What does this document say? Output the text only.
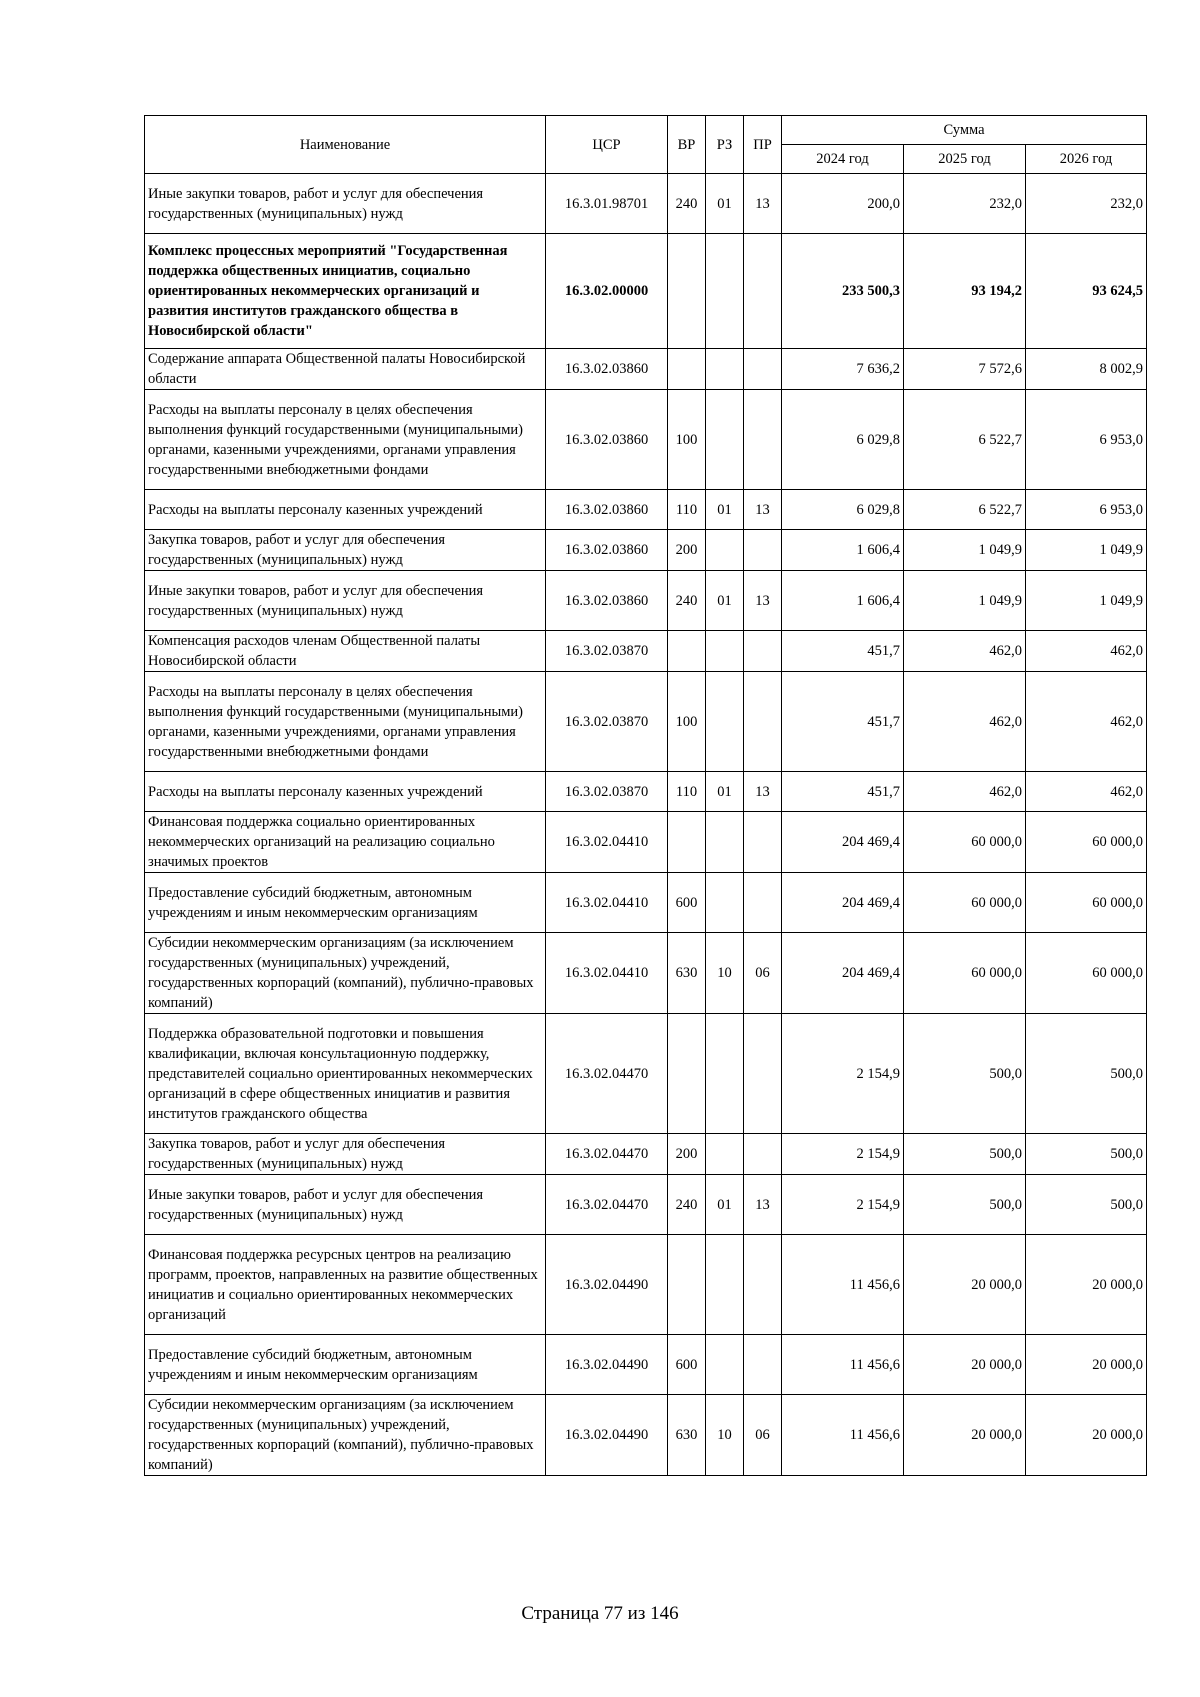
Наименование	ЦСР	ВР	РЗ	ПР	Сумма		
					2024 год	2025 год	2026 год
Иные закупки товаров, работ и услуг для обеспечения государственных (муниципальных) нужд	16.3.01.98701	240	01	13	200,0	232,0	232,0
Комплекс процессных мероприятий "Государственная поддержка общественных инициатив, социально ориентированных некоммерческих организаций и развития институтов гражданского общества в Новосибирской области"	16.3.02.00000				233 500,3	93 194,2	93 624,5
Содержание аппарата Общественной палаты Новосибирской области	16.3.02.03860				7 636,2	7 572,6	8 002,9
Расходы на выплаты персоналу в целях обеспечения выполнения функций государственными (муниципальными) органами, казенными учреждениями, органами управления государственными внебюджетными фондами	16.3.02.03860	100			6 029,8	6 522,7	6 953,0
Расходы на выплаты персоналу казенных учреждений	16.3.02.03860	110	01	13	6 029,8	6 522,7	6 953,0
Закупка товаров, работ и услуг для обеспечения государственных (муниципальных) нужд	16.3.02.03860	200			1 606,4	1 049,9	1 049,9
Иные закупки товаров, работ и услуг для обеспечения государственных (муниципальных) нужд	16.3.02.03860	240	01	13	1 606,4	1 049,9	1 049,9
Компенсация расходов членам Общественной палаты Новосибирской области	16.3.02.03870				451,7	462,0	462,0
Расходы на выплаты персоналу в целях обеспечения выполнения функций государственными (муниципальными) органами, казенными учреждениями, органами управления государственными внебюджетными фондами	16.3.02.03870	100			451,7	462,0	462,0
Расходы на выплаты персоналу казенных учреждений	16.3.02.03870	110	01	13	451,7	462,0	462,0
Финансовая поддержка социально ориентированных некоммерческих организаций на реализацию социально значимых проектов	16.3.02.04410				204 469,4	60 000,0	60 000,0
Предоставление субсидий бюджетным, автономным учреждениям и иным некоммерческим организациям	16.3.02.04410	600			204 469,4	60 000,0	60 000,0
Субсидии некоммерческим организациям (за исключением государственных (муниципальных) учреждений, государственных корпораций (компаний), публично-правовых компаний)	16.3.02.04410	630	10	06	204 469,4	60 000,0	60 000,0
Поддержка образовательной подготовки и повышения квалификации, включая консультационную поддержку, представителей социально ориентированных некоммерческих организаций в сфере общественных инициатив и развития институтов гражданского общества	16.3.02.04470				2 154,9	500,0	500,0
Закупка товаров, работ и услуг для обеспечения государственных (муниципальных) нужд	16.3.02.04470	200			2 154,9	500,0	500,0
Иные закупки товаров, работ и услуг для обеспечения государственных (муниципальных) нужд	16.3.02.04470	240	01	13	2 154,9	500,0	500,0
Финансовая поддержка ресурсных центров на реализацию программ, проектов, направленных на развитие общественных инициатив и социально ориентированных некоммерческих организаций	16.3.02.04490				11 456,6	20 000,0	20 000,0
Предоставление субсидий бюджетным, автономным учреждениям и иным некоммерческим организациям	16.3.02.04490	600			11 456,6	20 000,0	20 000,0
Субсидии некоммерческим организациям (за исключением государственных (муниципальных) учреждений, государственных корпораций (компаний), публично-правовых компаний)	16.3.02.04490	630	10	06	11 456,6	20 000,0	20 000,0
Страница 77 из 146
